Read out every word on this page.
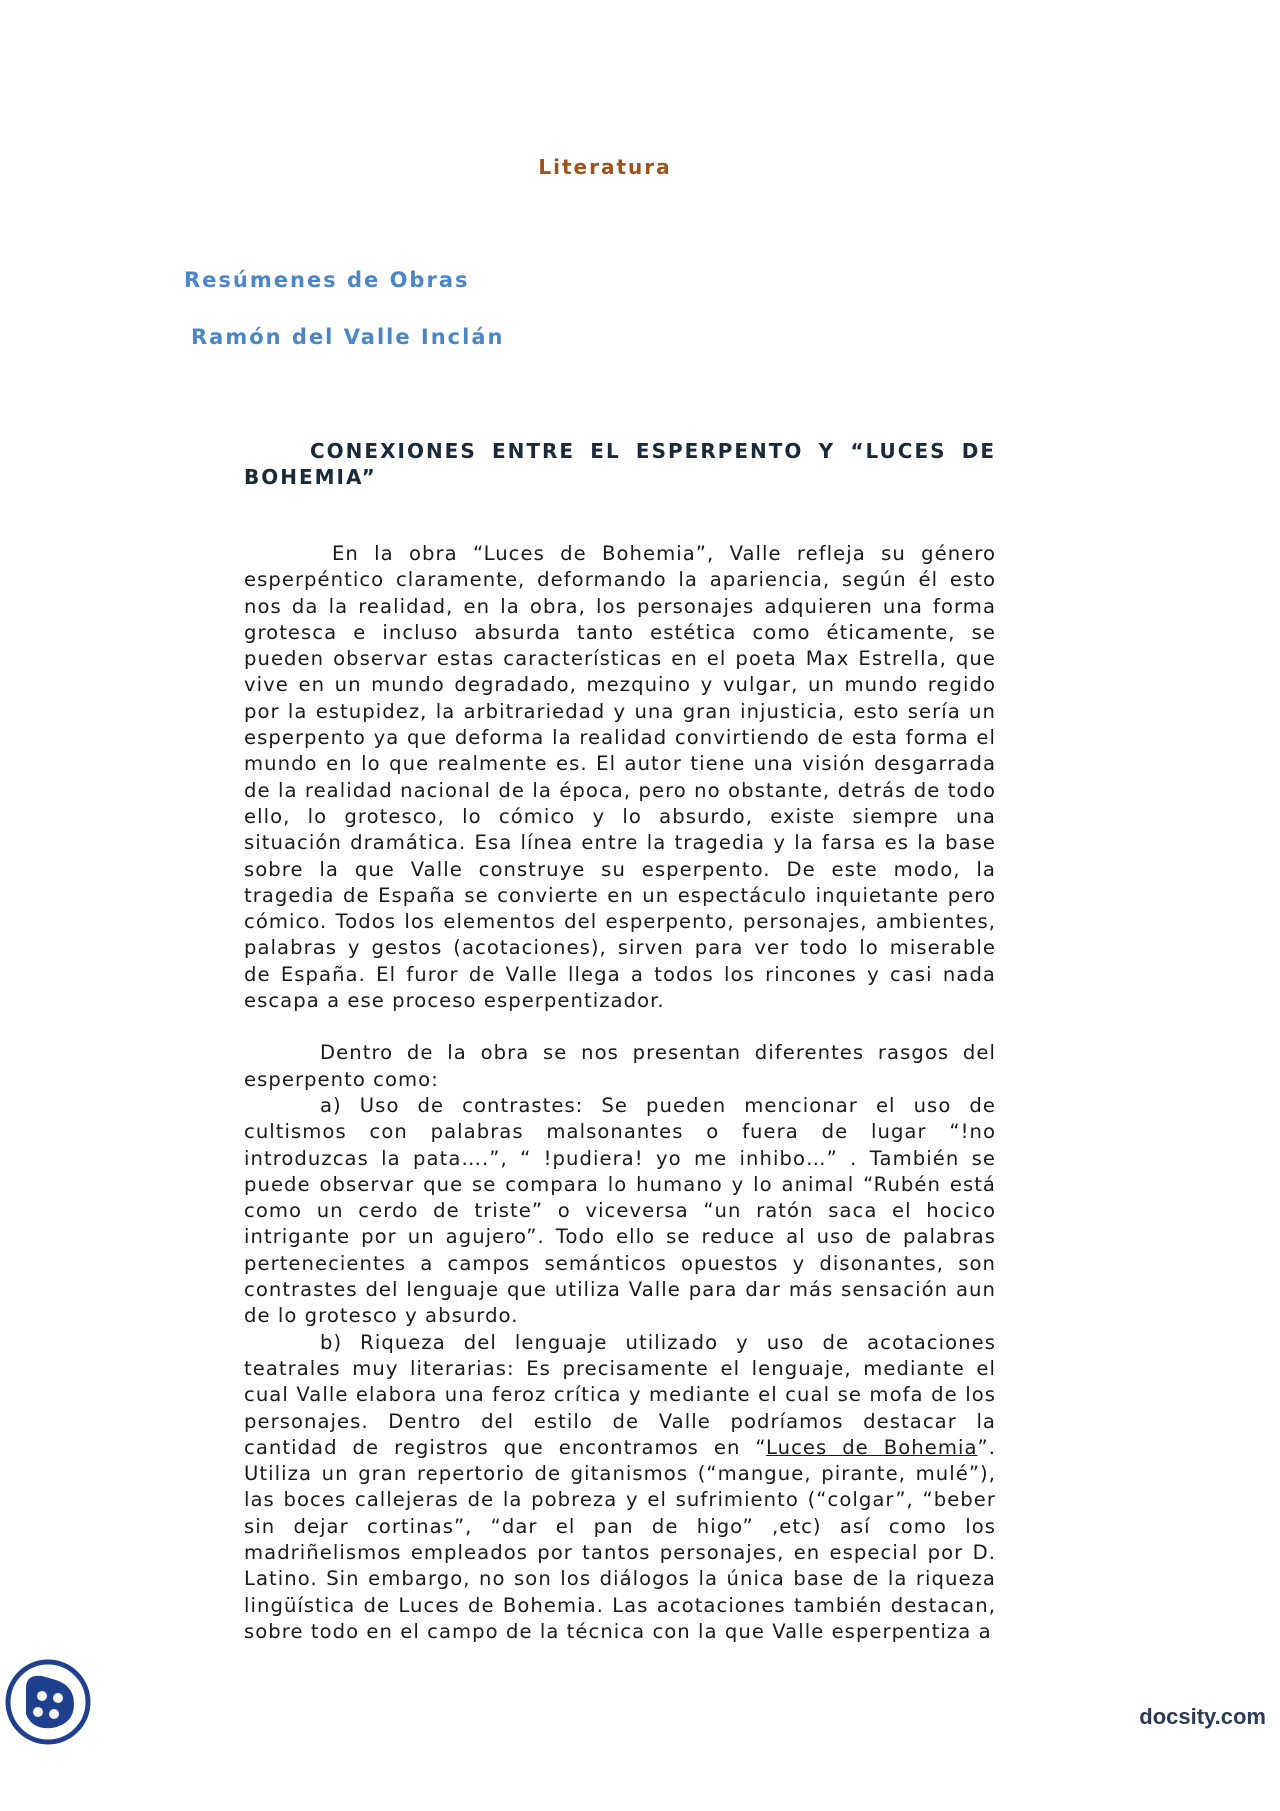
Literatura
Resúmenes de Obras
Ramón del Valle Inclán
CONEXIONES ENTRE EL ESPERPENTO Y “LUCES DE BOHEMIA”

En la obra “Luces de Bohemia”, Valle refleja su género esperpéntico claramente, deformando la apariencia, según él esto nos da la realidad, en la obra, los personajes adquieren una forma grotesca e incluso absurda tanto estética como éticamente, se pueden observar estas características en el poeta Max Estrella, que vive en un mundo degradado, mezquino y vulgar, un mundo regido por la estupidez, la arbitrariedad y una gran injusticia, esto sería un esperpento ya que deforma la realidad convirtiendo de esta forma el mundo en lo que realmente es. El autor tiene una visión desgarrada de la realidad nacional de la época, pero no obstante, detrás de todo ello, lo grotesco, lo cómico y lo absurdo, existe siempre una situación dramática. Esa línea entre la tragedia y la farsa es la base sobre la que Valle construye su esperpento. De este modo, la tragedia de España se convierte en un espectáculo inquietante pero cómico. Todos los elementos del esperpento, personajes, ambientes, palabras y gestos (acotaciones), sirven para ver todo lo miserable de España. El furor de Valle llega a todos los rincones y casi nada escapa a ese proceso esperpentizador.

Dentro de la obra se nos presentan diferentes rasgos del esperpento como:

a) Uso de contrastes: Se pueden mencionar el uso de cultismos con palabras malsonantes o fuera de lugar “!no introduzcas la pata….”, “ !pudiera! yo me inhibo…” . También se puede observar que se compara lo humano y lo animal “Rubén está como un cerdo de triste” o viceversa “un ratón saca el hocico intrigante por un agujero”. Todo ello se reduce al uso de palabras pertenecientes a campos semánticos opuestos y disonantes, son contrastes del lenguaje que utiliza Valle para dar más sensación aun de lo grotesco y absurdo.

b) Riqueza del lenguaje utilizado y uso de acotaciones teatrales muy literarias: Es precisamente el lenguaje, mediante el cual Valle elabora una feroz crítica y mediante el cual se mofa de los personajes. Dentro del estilo de Valle podríamos destacar la cantidad de registros que encontramos en “Luces de Bohemia”. Utiliza un gran repertorio de gitanismos (“mangue, pirante, mulé”), las boces callejeras de la pobreza y el sufrimiento (“colgar”, “beber sin dejar cortinas”, “dar el pan de higo” ,etc) así como los madriñelismos empleados por tantos personajes, en especial por D. Latino. Sin embargo, no son los diálogos la única base de la riqueza lingüística de Luces de Bohemia. Las acotaciones también destacan, sobre todo en el campo de la técnica con la que Valle esperpentiza a

docsity.com
